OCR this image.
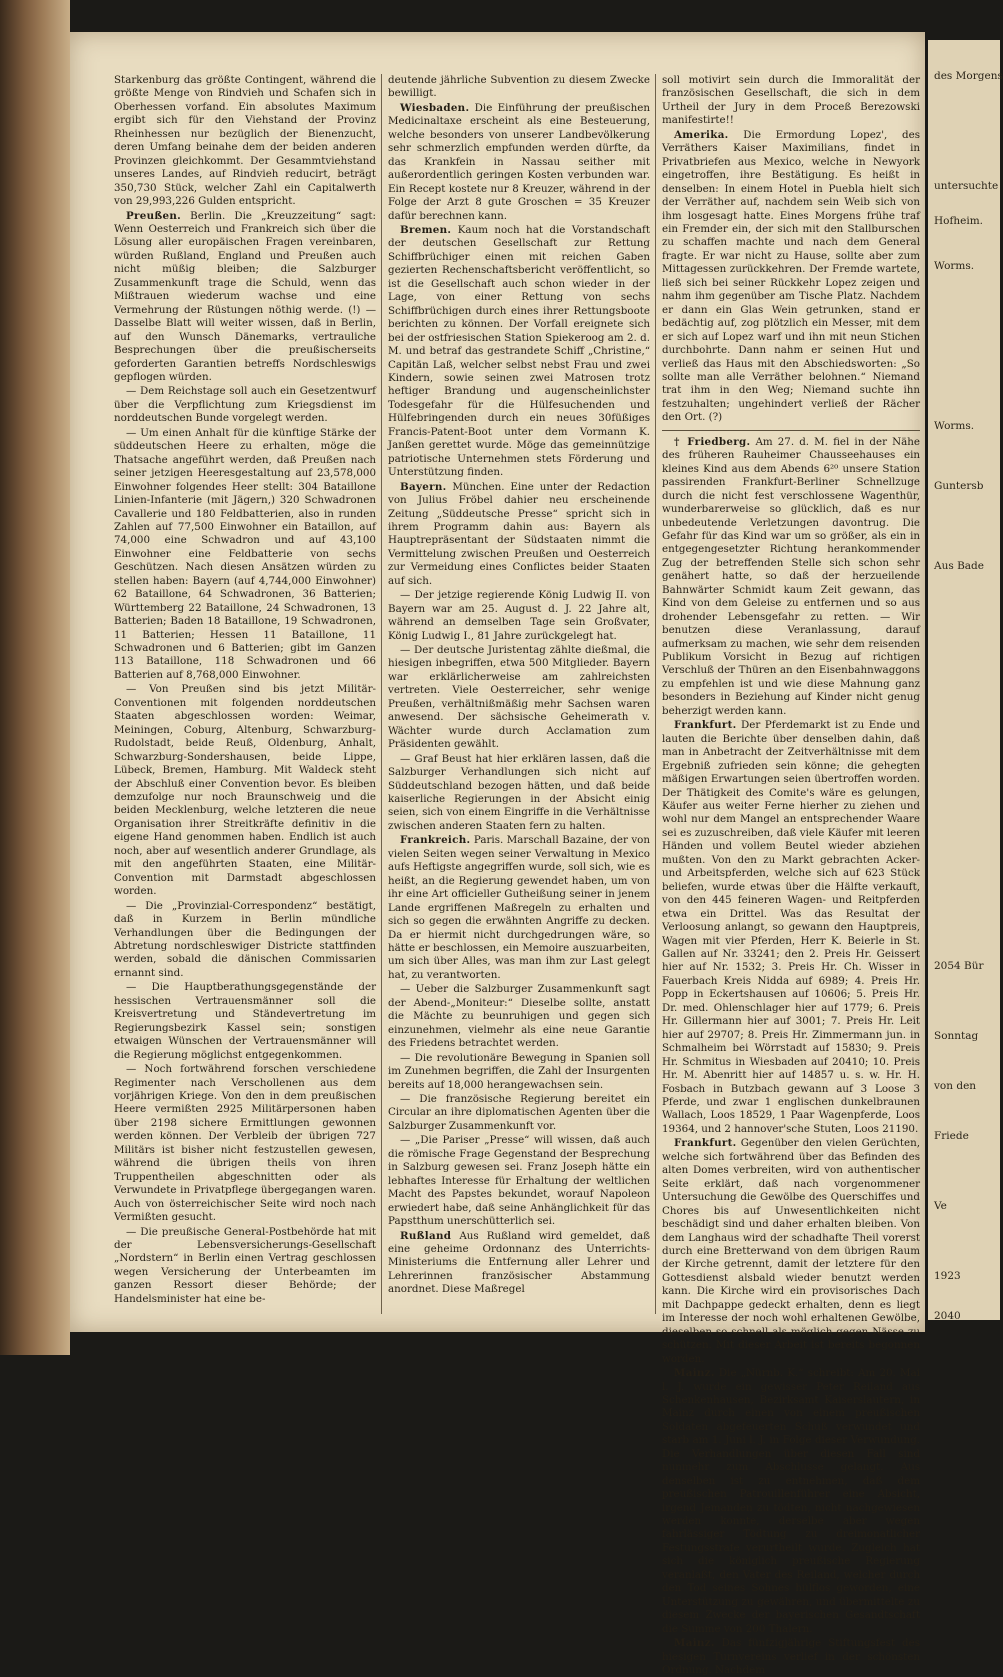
Starkenburg das größte Contingent, während die größte Menge von Rindvieh und Schafen sich in Oberhessen vorfand. Ein absolutes Maximum ergibt sich für den Viehstand der Provinz Rheinhessen nur bezüglich der Bienenzucht, deren Umfang beinahe dem der beiden anderen Provinzen gleichkommt. Der Gesammtviehstand unseres Landes, auf Rindvieh reducirt, beträgt 350,730 Stück, welcher Zahl ein Capitalwerth von 29,993,226 Gulden entspricht.

Preußen. Berlin. Die „Kreuzzeitung“ sagt: Wenn Oesterreich und Frankreich sich über die Lösung aller europäischen Fragen vereinbaren, würden Rußland, England und Preußen auch nicht müßig bleiben; die Salzburger Zusammenkunft trage die Schuld, wenn das Mißtrauen wiederum wachse und eine Vermehrung der Rüstungen nöthig werde. (!) — Dasselbe Blatt will weiter wissen, daß in Berlin, auf den Wunsch Dänemarks, vertrauliche Besprechungen über die preußischerseits geforderten Garantien betreffs Nordschleswigs gepflogen würden.

— Dem Reichstage soll auch ein Gesetzentwurf über die Verpflichtung zum Kriegsdienst im norddeutschen Bunde vorgelegt werden.

— Um einen Anhalt für die künftige Stärke der süddeutschen Heere zu erhalten, möge die Thatsache angeführt werden, daß Preußen nach seiner jetzigen Heeresgestaltung auf 23,578,000 Einwohner folgendes Heer stellt: 304 Bataillone Linien-Infanterie (mit Jägern,) 320 Schwadronen Cavallerie und 180 Feldbatterien, also in runden Zahlen auf 77,500 Einwohner ein Bataillon, auf 74,000 eine Schwadron und auf 43,100 Einwohner eine Feldbatterie von sechs Geschützen. Nach diesen Ansätzen würden zu stellen haben: Bayern (auf 4,744,000 Einwohner) 62 Bataillone, 64 Schwadronen, 36 Batterien; Württemberg 22 Bataillone, 24 Schwadronen, 13 Batterien; Baden 18 Bataillone, 19 Schwadronen, 11 Batterien; Hessen 11 Bataillone, 11 Schwadronen und 6 Batterien; gibt im Ganzen 113 Bataillone, 118 Schwadronen und 66 Batterien auf 8,768,000 Einwohner.

— Von Preußen sind bis jetzt Militär-Conventionen mit folgenden norddeutschen Staaten abgeschlossen worden: Weimar, Meiningen, Coburg, Altenburg, Schwarzburg-Rudolstadt, beide Reuß, Oldenburg, Anhalt, Schwarzburg-Sondershausen, beide Lippe, Lübeck, Bremen, Hamburg. Mit Waldeck steht der Abschluß einer Convention bevor. Es bleiben demzufolge nur noch Braunschweig und die beiden Mecklenburg, welche letzteren die neue Organisation ihrer Streitkräfte definitiv in die eigene Hand genommen haben. Endlich ist auch noch, aber auf wesentlich anderer Grundlage, als mit den angeführten Staaten, eine Militär-Convention mit Darmstadt abgeschlossen worden.

— Die „Provinzial-Correspondenz“ bestätigt, daß in Kurzem in Berlin mündliche Verhandlungen über die Bedingungen der Abtretung nordschleswiger Districte stattfinden werden, sobald die dänischen Commissarien ernannt sind.

— Die Hauptberathungsgegenstände der hessischen Vertrauensmänner soll die Kreisvertretung und Ständevertretung im Regierungsbezirk Kassel sein; sonstigen etwaigen Wünschen der Vertrauensmänner will die Regierung möglichst entgegenkommen.

— Noch fortwährend forschen verschiedene Regimenter nach Verschollenen aus dem vorjährigen Kriege. Von den in dem preußischen Heere vermißten 2925 Militärpersonen haben über 2198 sichere Ermittlungen gewonnen werden können. Der Verbleib der übrigen 727 Militärs ist bisher nicht festzustellen gewesen, während die übrigen theils von ihren Truppentheilen abgeschnitten oder als Verwundete in Privatpflege übergegangen waren. Auch von österreichischer Seite wird noch nach Vermißten gesucht.

— Die preußische General-Postbehörde hat mit der Lebensversicherungs-Gesellschaft „Nordstern“ in Berlin einen Vertrag geschlossen wegen Versicherung der Unterbeamten im ganzen Ressort dieser Behörde; der Handelsminister hat eine be-

deutende jährliche Subvention zu diesem Zwecke bewilligt.

Wiesbaden. Die Einführung der preußischen Medicinaltaxe erscheint als eine Besteuerung, welche besonders von unserer Landbevölkerung sehr schmerzlich empfunden werden dürfte, da das Krankfein in Nassau seither mit außerordentlich geringen Kosten verbunden war. Ein Recept kostete nur 8 Kreuzer, während in der Folge der Arzt 8 gute Groschen = 35 Kreuzer dafür berechnen kann.

Bremen. Kaum noch hat die Vorstandschaft der deutschen Gesellschaft zur Rettung Schiffbrüchiger einen mit reichen Gaben gezierten Rechenschaftsbericht veröffentlicht, so ist die Gesellschaft auch schon wieder in der Lage, von einer Rettung von sechs Schiffbrüchigen durch eines ihrer Rettungsboote berichten zu können. Der Vorfall ereignete sich bei der ostfriesischen Station Spiekeroog am 2. d. M. und betraf das gestrandete Schiff „Christine,“ Capitän Laß, welcher selbst nebst Frau und zwei Kindern, sowie seinen zwei Matrosen trotz heftiger Brandung und augenscheinlichster Todesgefahr für die Hülfesuchenden und Hülfebringenden durch ein neues 30füßiges Francis-Patent-Boot unter dem Vormann K. Janßen gerettet wurde. Möge das gemeinnützige patriotische Unternehmen stets Förderung und Unterstützung finden.

Bayern. München. Eine unter der Redaction von Julius Fröbel dahier neu erscheinende Zeitung „Süddeutsche Presse“ spricht sich in ihrem Programm dahin aus: Bayern als Hauptrepräsentant der Südstaaten nimmt die Vermittelung zwischen Preußen und Oesterreich zur Vermeidung eines Conflictes beider Staaten auf sich.

— Der jetzige regierende König Ludwig II. von Bayern war am 25. August d. J. 22 Jahre alt, während an demselben Tage sein Großvater, König Ludwig I., 81 Jahre zurückgelegt hat.

— Der deutsche Juristentag zählte dießmal, die hiesigen inbegriffen, etwa 500 Mitglieder. Bayern war erklärlicherweise am zahlreichsten vertreten. Viele Oesterreicher, sehr wenige Preußen, verhältnißmäßig mehr Sachsen waren anwesend. Der sächsische Geheimerath v. Wächter wurde durch Acclamation zum Präsidenten gewählt.

— Graf Beust hat hier erklären lassen, daß die Salzburger Verhandlungen sich nicht auf Süddeutschland bezogen hätten, und daß beide kaiserliche Regierungen in der Absicht einig seien, sich von einem Eingriffe in die Verhältnisse zwischen anderen Staaten fern zu halten.

Frankreich. Paris. Marschall Bazaine, der von vielen Seiten wegen seiner Verwaltung in Mexico aufs Heftigste angegriffen wurde, soll sich, wie es heißt, an die Regierung gewendet haben, um von ihr eine Art officieller Gutheißung seiner in jenem Lande ergriffenen Maßregeln zu erhalten und sich so gegen die erwähnten Angriffe zu decken. Da er hiermit nicht durchgedrungen wäre, so hätte er beschlossen, ein Memoire auszuarbeiten, um sich über Alles, was man ihm zur Last gelegt hat, zu verantworten.

— Ueber die Salzburger Zusammenkunft sagt der Abend-„Moniteur:“ Dieselbe sollte, anstatt die Mächte zu beunruhigen und gegen sich einzunehmen, vielmehr als eine neue Garantie des Friedens betrachtet werden.

— Die revolutionäre Bewegung in Spanien soll im Zunehmen begriffen, die Zahl der Insurgenten bereits auf 18,000 herangewachsen sein.

— Die französische Regierung bereitet ein Circular an ihre diplomatischen Agenten über die Salzburger Zusammenkunft vor.

— „Die Pariser „Presse“ will wissen, daß auch die römische Frage Gegenstand der Besprechung in Salzburg gewesen sei. Franz Joseph hätte ein lebhaftes Interesse für Erhaltung der weltlichen Macht des Papstes bekundet, worauf Napoleon erwiedert habe, daß seine Anhänglichkeit für das Papstthum unerschütterlich sei.

Rußland Aus Rußland wird gemeldet, daß eine geheime Ordonnanz des Unterrichts-Ministeriums die Entfernung aller Lehrer und Lehrerinnen französischer Abstammung anordnet. Diese Maßregel

soll motivirt sein durch die Immoralität der französischen Gesellschaft, die sich in dem Urtheil der Jury in dem Proceß Berezowski manifestirte!!

Amerika. Die Ermordung Lopez', des Verräthers Kaiser Maximilians, findet in Privatbriefen aus Mexico, welche in Newyork eingetroffen, ihre Bestätigung. Es heißt in denselben: In einem Hotel in Puebla hielt sich der Verräther auf, nachdem sein Weib sich von ihm losgesagt hatte. Eines Morgens frühe traf ein Fremder ein, der sich mit den Stallburschen zu schaffen machte und nach dem General fragte. Er war nicht zu Hause, sollte aber zum Mittagessen zurückkehren. Der Fremde wartete, ließ sich bei seiner Rückkehr Lopez zeigen und nahm ihm gegenüber am Tische Platz. Nachdem er dann ein Glas Wein getrunken, stand er bedächtig auf, zog plötzlich ein Messer, mit dem er sich auf Lopez warf und ihn mit neun Stichen durchbohrte. Dann nahm er seinen Hut und verließ das Haus mit den Abschiedsworten: „So sollte man alle Verräther belohnen.“ Niemand trat ihm in den Weg; Niemand suchte ihn festzuhalten; ungehindert verließ der Rächer den Ort. (?)

† Friedberg. Am 27. d. M. fiel in der Nähe des früheren Rauheimer Chausseehauses ein kleines Kind aus dem Abends 6²⁰ unsere Station passirenden Frankfurt-Berliner Schnellzuge durch die nicht fest verschlossene Wagenthür, wunderbarerweise so glücklich, daß es nur unbedeutende Verletzungen davontrug. Die Gefahr für das Kind war um so größer, als ein in entgegengesetzter Richtung herankommender Zug der betreffenden Stelle sich schon sehr genähert hatte, so daß der herzueilende Bahnwärter Schmidt kaum Zeit gewann, das Kind von dem Geleise zu entfernen und so aus drohender Lebensgefahr zu retten. — Wir benutzen diese Veranlassung, darauf aufmerksam zu machen, wie sehr dem reisenden Publikum Vorsicht in Bezug auf richtigen Verschluß der Thüren an den Eisenbahnwaggons zu empfehlen ist und wie diese Mahnung ganz besonders in Beziehung auf Kinder nicht genug beherzigt werden kann.

Frankfurt. Der Pferdemarkt ist zu Ende und lauten die Berichte über denselben dahin, daß man in Anbetracht der Zeitverhältnisse mit dem Ergebniß zufrieden sein könne; die gehegten mäßigen Erwartungen seien übertroffen worden. Der Thätigkeit des Comite's wäre es gelungen, Käufer aus weiter Ferne hierher zu ziehen und wohl nur dem Mangel an entsprechender Waare sei es zuzuschreiben, daß viele Käufer mit leeren Händen und vollem Beutel wieder abziehen mußten. Von den zu Markt gebrachten Acker- und Arbeitspferden, welche sich auf 623 Stück beliefen, wurde etwas über die Hälfte verkauft, von den 445 feineren Wagen- und Reitpferden etwa ein Drittel. Was das Resultat der Verloosung anlangt, so gewann den Hauptpreis, Wagen mit vier Pferden, Herr K. Beierle in St. Gallen auf Nr. 33241; den 2. Preis Hr. Geissert hier auf Nr. 1532; 3. Preis Hr. Ch. Wisser in Fauerbach Kreis Nidda auf 6989; 4. Preis Hr. Popp in Eckertshausen auf 10606; 5. Preis Hr. Dr. med. Ohlenschlager hier auf 1779; 6. Preis Hr. Gillermann hier auf 3001; 7. Preis Hr. Leit hier auf 29707; 8. Preis Hr. Zimmermann jun. in Schmalheim bei Wörrstadt auf 15830; 9. Preis Hr. Schmitus in Wiesbaden auf 20410; 10. Preis Hr. M. Abenritt hier auf 14857 u. s. w. Hr. H. Fosbach in Butzbach gewann auf 3 Loose 3 Pferde, und zwar 1 englischen dunkelbraunen Wallach, Loos 18529, 1 Paar Wagenpferde, Loos 19364, und 2 hannover'sche Stuten, Loos 21190.

Frankfurt. Gegenüber den vielen Gerüchten, welche sich fortwährend über das Befinden des alten Domes verbreiten, wird von authentischer Seite erklärt, daß nach vorgenommener Untersuchung die Gewölbe des Querschiffes und Chores bis auf Unwesentlichkeiten nicht beschädigt sind und daher erhalten bleiben. Von dem Langhaus wird der schadhafte Theil vorerst durch eine Bretterwand von dem übrigen Raum der Kirche getrennt, damit der letztere für den Gottesdienst alsbald wieder benutzt werden kann. Die Kirche wird ein provisorisches Dach mit Dachpappe gedeckt erhalten, denn es liegt im Interesse der noch wohl erhaltenen Gewölbe, dieselben so schnell als möglich gegen Nässe zu schützen. Mit dieser Arbeit ist bereits begonnen worden.

Mainz. Die „Nürnb. K.“ schreibt: Am 20. Mai l. J. wurde ein gewisser Peter Reiland aus Schenkenhausen, Bezirksamt Kaiserslautern, in Mainz durch einen von einem preußischen Soldaten abgefeuerten Schuß verwundet und starb am 1. Juni l. J. in Folge dieser Verwundung. Die Verhandlungen über diesen Fall sind nunmehr zum Abschlusse gelangt. Aus denselben ist zu entnehmen, daß dem preußischen Patrouillenführer eine Absicht, irgend Jemanden zu tödten, nicht nachgewiesen werden konnte, derselbe aber wegen fahrlässiger Tödtung zu dreimonatlicher Festungsstrafe verurtheilt wurde. Zugleich hat sich die königlich preußische Regierung veranlaßt, den Vater des Reiland, welcher durch den Tod seines Sohnes hülflos geworden, eine Unterstützung zu gewähren, und übermittelte zu diesem Zwecke der bayerischen Gesandtschaft die Summe von 200 Thalern.

Mainz. Das fünfzigjährige Stiftungsfest des hiesigen Turnvereins verlief in der schönsten Ordnung. Nachdem

des Morgens
untersuchte
Hofheim.
Worms.
Worms.
Guntersb
Aus Bade
2054 Bür
Sonntag
von den
Friede
Ve
1923
2040
